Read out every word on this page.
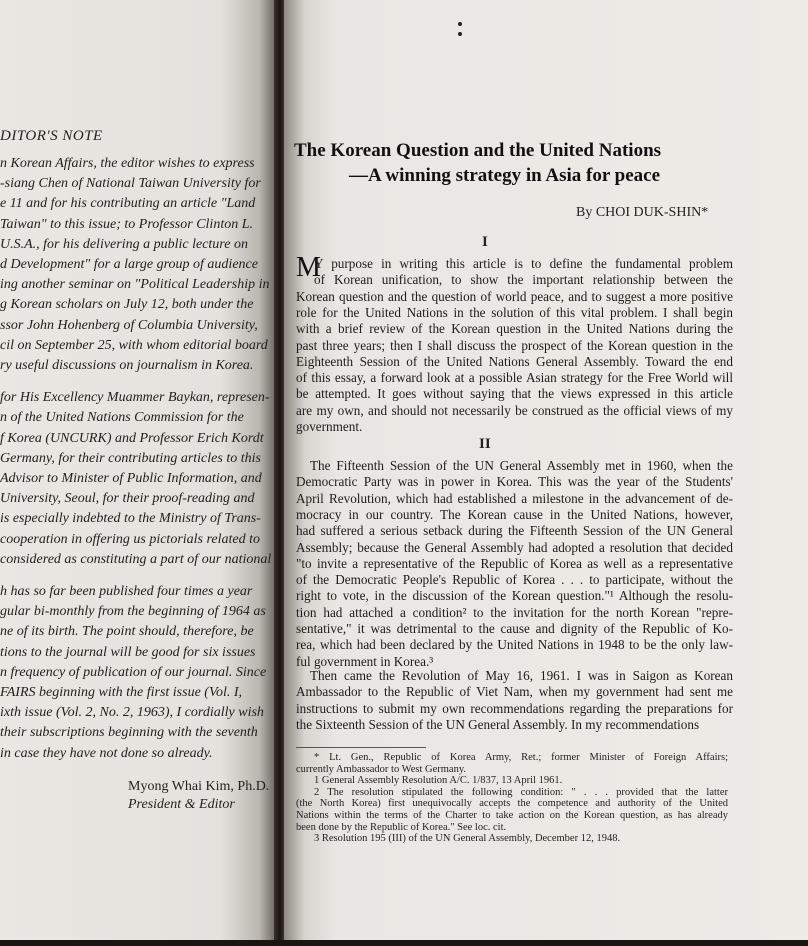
DITOR'S NOTE
n Korean Affairs, the editor wishes to express
-siang Chen of National Taiwan University for
e 11 and for his contributing an article "Land
Taiwan" to this issue; to Professor Clinton L.
U.S.A., for his delivering a public lecture on
d Development" for a large group of audience
ing another seminar on "Political Leadership in
g Korean scholars on July 12, both under the
ssor John Hohenberg of Columbia University,
cil on September 25, with whom editorial board
ry useful discussions on journalism in Korea.
for His Excellency Muammer Baykan, represen-
n of the United Nations Commission for the
f Korea (UNCURK) and Professor Erich Kordt
Germany, for their contributing articles to this
Advisor to Minister of Public Information, and
University, Seoul, for their proof-reading and
is especially indebted to the Ministry of Trans-
cooperation in offering us pictorials related to
considered as constituting a part of our national
h has so far been published four times a year
gular bi-monthly from the beginning of 1964 as
ne of its birth. The point should, therefore, be
tions to the journal will be good for six issues
n frequency of publication of our journal. Since
FAIRS beginning with the first issue (Vol. I,
ixth issue (Vol. 2, No. 2, 1963), I cordially wish
their subscriptions beginning with the seventh
in case they have not done so already.
Myong Whai Kim, Ph.D.
President & Editor
The Korean Question and the United Nations
—A winning strategy in Asia for peace
By CHOI DUK-SHIN*
I
M
Y purpose in writing this article is to define the fundamental problem
of Korean unification, to show the important relationship between the
Korean question and the question of world peace, and to suggest a more positive
role for the United Nations in the solution of this vital problem. I shall begin
with a brief review of the Korean question in the United Nations during the
past three years; then I shall discuss the prospect of the Korean question in the
Eighteenth Session of the United Nations General Assembly. Toward the end
of this essay, a forward look at a possible Asian strategy for the Free World will
be attempted. It goes without saying that the views expressed in this article
are my own, and should not necessarily be construed as the official views of my
government.
The Fifteenth Session of the UN General Assembly met in 1960, when the
Democratic Party was in power in Korea. This was the year of the Students'
April Revolution, which had established a milestone in the advancement of de-
mocracy in our country. The Korean cause in the United Nations, however,
had suffered a serious setback during the Fifteenth Session of the UN General
Assembly; because the General Assembly had adopted a resolution that decided
"to invite a representative of the Republic of Korea as well as a representative
of the Democratic People's Republic of Korea . . . to participate, without the
right to vote, in the discussion of the Korean question."¹ Although the resolu-
tion had attached a condition² to the invitation for the north Korean "repre-
sentative," it was detrimental to the cause and dignity of the Republic of Ko-
rea, which had been declared by the United Nations in 1948 to be the only law-
ful government in Korea.³
Then came the Revolution of May 16, 1961. I was in Saigon as Korean
Ambassador to the Republic of Viet Nam, when my government had sent me
instructions to submit my own recommendations regarding the preparations for
the Sixteenth Session of the UN General Assembly. In my recommendations
II
* Lt. Gen., Republic of Korea Army, Ret.; former Minister of Foreign Affairs;
currently Ambassador to West Germany.
1 General Assembly Resolution A/C. 1/837, 13 April 1961.
2 The resolution stipulated the following condition: " . . . provided that the latter
(the North Korea) first unequivocally accepts the competence and authority of the United
Nations within the terms of the Charter to take action on the Korean question, as has already
been done by the Republic of Korea." See loc. cit.
3 Resolution 195 (III) of the UN General Assembly, December 12, 1948.
